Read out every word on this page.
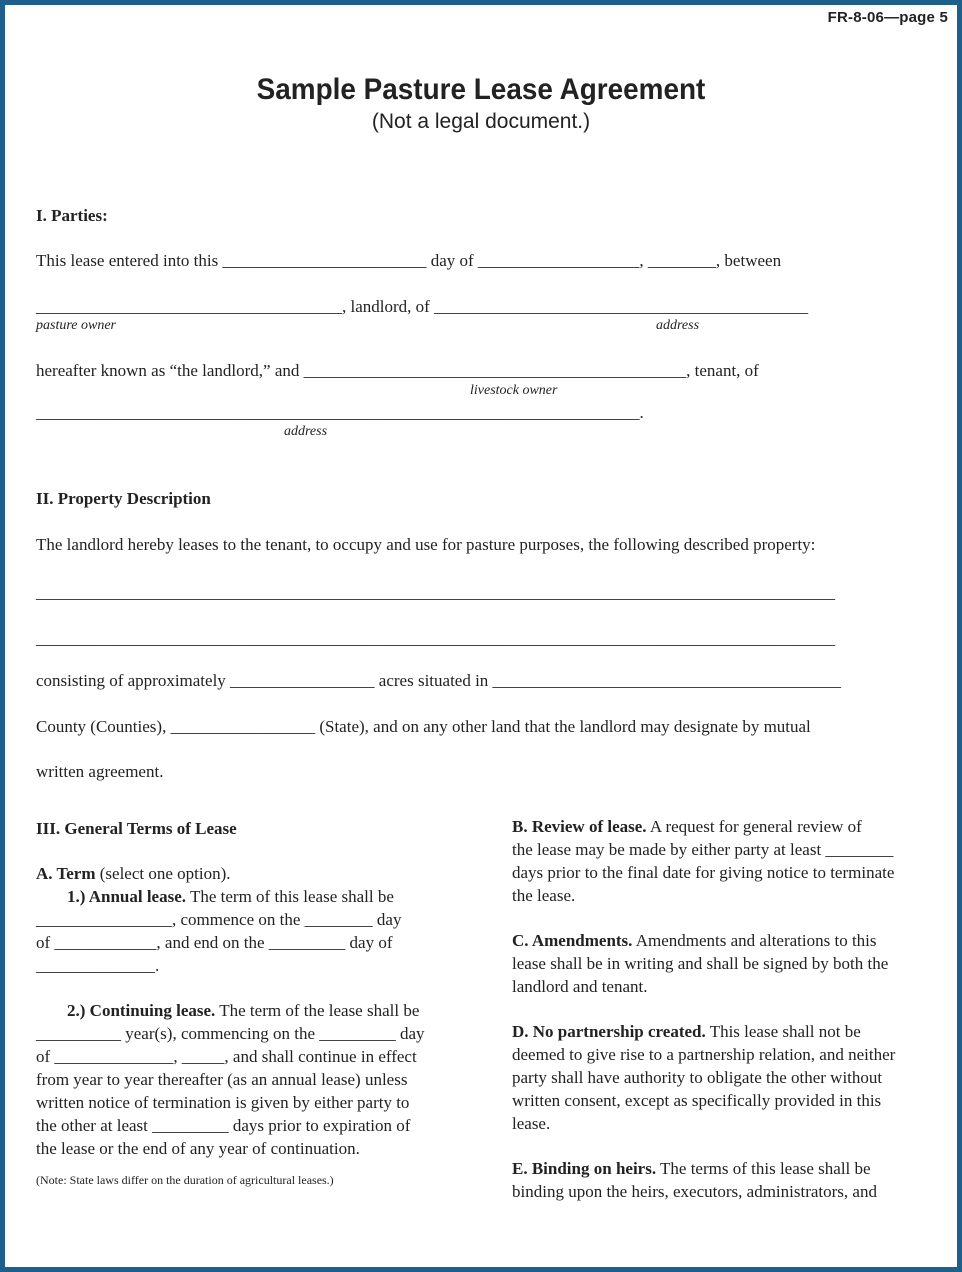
FR-8-06—page 5
Sample Pasture Lease Agreement
(Not a legal document.)
I. Parties:
This lease entered into this ________________________ day of ___________________, ________, between
____________________________________, landlord, of ____________________________________________
pasture owner	address
hereafter known as “the landlord,” and _____________________________________________, tenant, of
livestock owner
_______________________________________________________________________.
address
II. Property Description
The landlord hereby leases to the tenant, to occupy and use for pasture purposes, the following described property:
______________________________________________________________________________________________
______________________________________________________________________________________________
consisting of approximately _________________ acres situated in _________________________________________
County (Counties), _________________ (State), and on any other land that the landlord may designate by mutual
written agreement.

III. General Terms of Lease

A. Term (select one option).

1.) Annual lease. The term of this lease shall be

________________, commence on the ________ day

of ____________, and end on the _________ day of

______________.

2.) Continuing lease. The term of the lease shall be

__________ year(s), commencing on the _________ day

of ______________, _____, and shall continue in effect

from year to year thereafter (as an annual lease) unless

written notice of termination is given by either party to

the other at least _________ days prior to expiration of

the lease or the end of any year of continuation.

(Note: State laws differ on the duration of agricultural leases.)

B. Review of lease. A request for general review of

the lease may be made by either party at least ________

days prior to the final date for giving notice to terminate

the lease.

C. Amendments. Amendments and alterations to this

lease shall be in writing and shall be signed by both the

landlord and tenant.

D. No partnership created. This lease shall not be

deemed to give rise to a partnership relation, and neither

party shall have authority to obligate the other without

written consent, except as specifically provided in this

lease.

E. Binding on heirs. The terms of this lease shall be

binding upon the heirs, executors, administrators, and
